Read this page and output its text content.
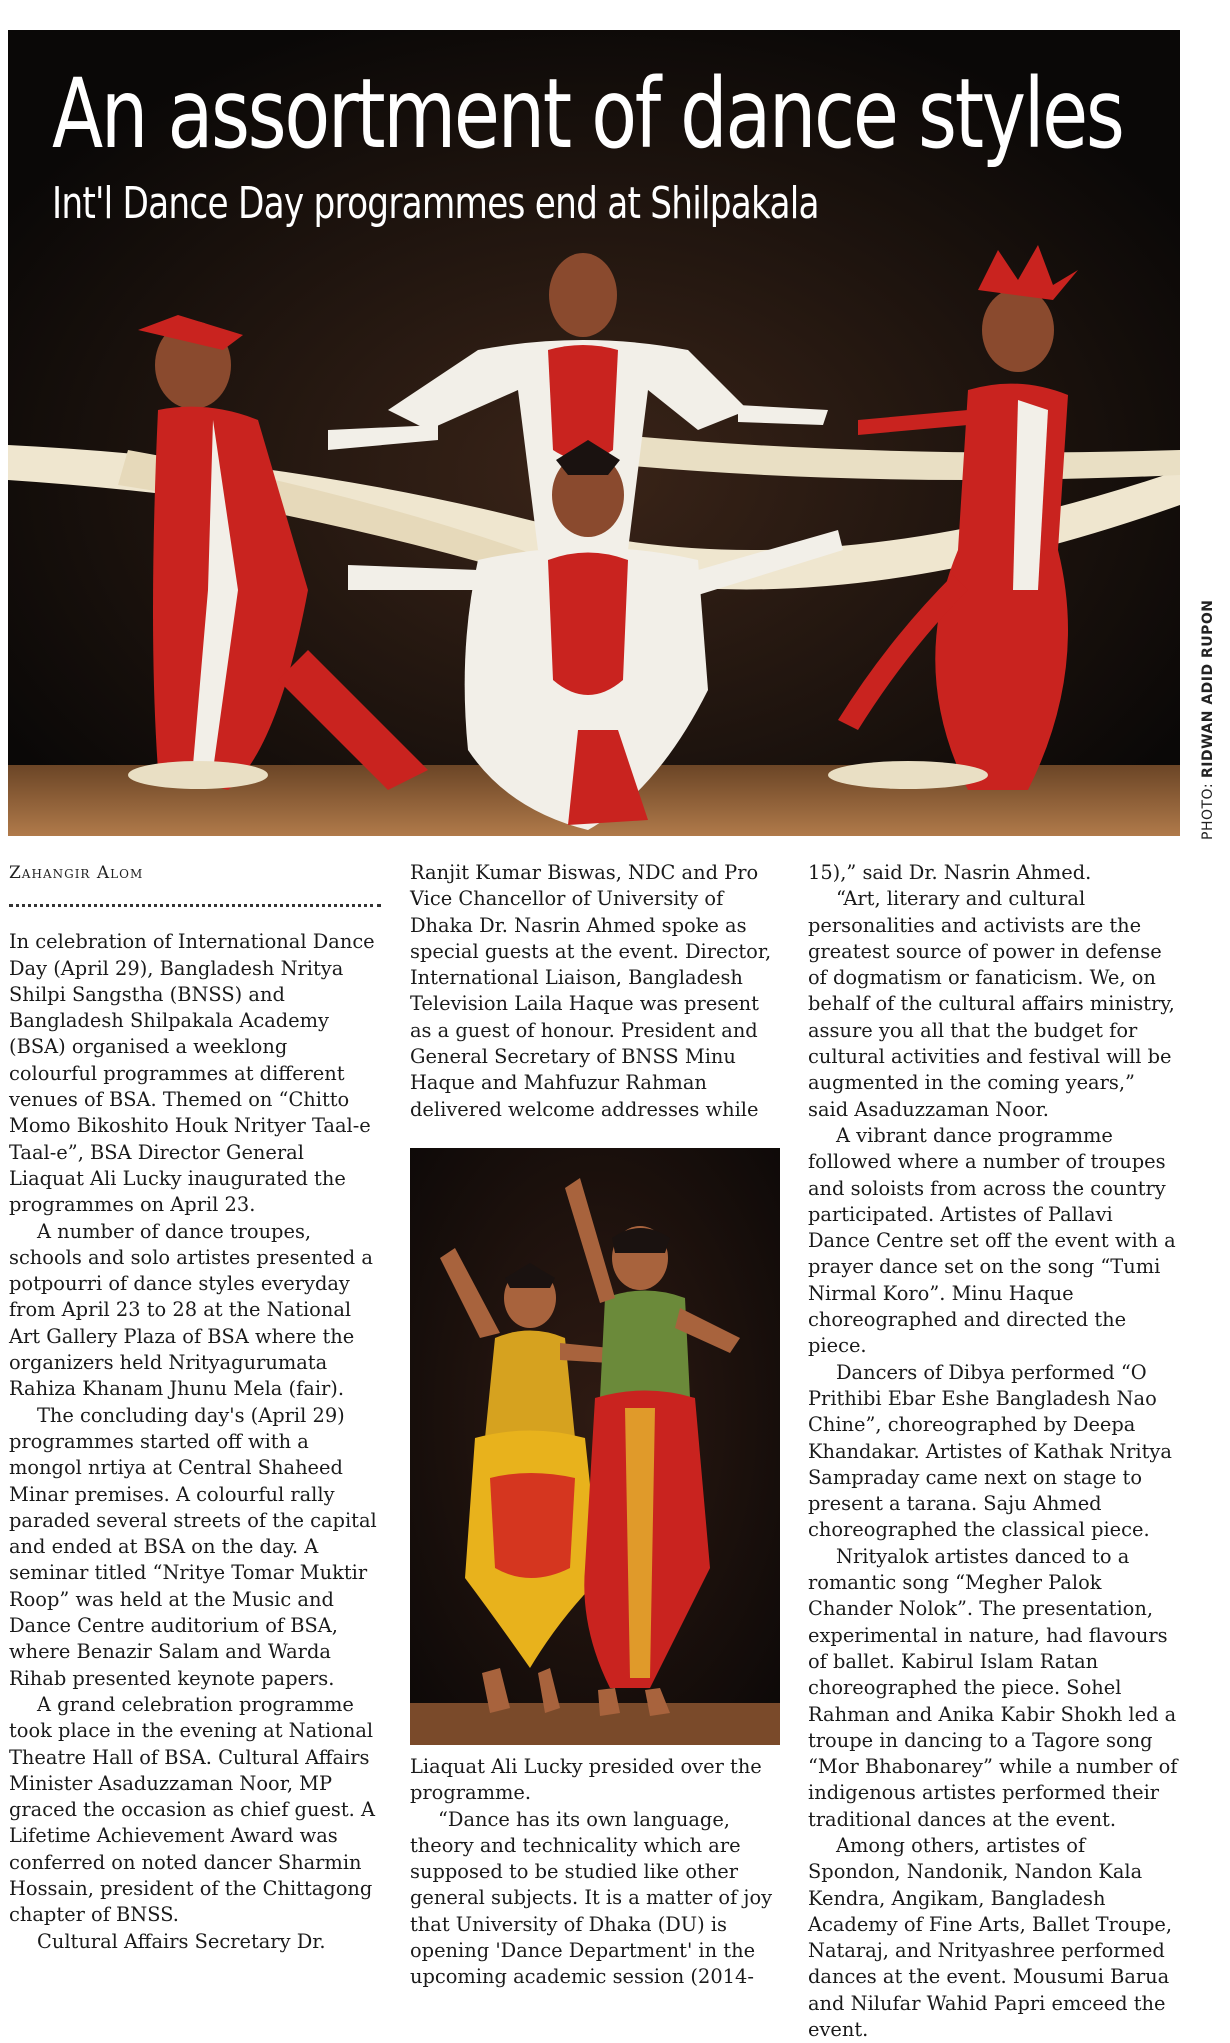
An assortment of dance styles
Int'l Dance Day programmes end at Shilpakala
PHOTO: RIDWAN ADID RUPON
Zahangir Alom

In celebration of International Dance Day (April 29), Bangladesh Nritya Shilpi Sangstha (BNSS) and Bangladesh Shilpakala Academy (BSA) organised a weeklong colourful programmes at different venues of BSA. Themed on “Chitto Momo Bikoshito Houk Nrityer Taal-e Taal-e”, BSA Director General Liaquat Ali Lucky inaugurated the programmes on April 23.

A number of dance troupes, schools and solo artistes presented a potpourri of dance styles everyday from April 23 to 28 at the National Art Gallery Plaza of BSA where the organizers held Nrityagurumata Rahiza Khanam Jhunu Mela (fair).

The concluding day's (April 29) programmes started off with a mongol nrtiya at Central Shaheed Minar premises. A colourful rally paraded several streets of the capital and ended at BSA on the day. A seminar titled “Nritye Tomar Muktir Roop” was held at the Music and Dance Centre auditorium of BSA, where Benazir Salam and Warda Rihab presented keynote papers.

A grand celebration programme took place in the evening at National Theatre Hall of BSA. Cultural Affairs Minister Asaduzzaman Noor, MP graced the occasion as chief guest. A Lifetime Achievement Award was conferred on noted dancer Sharmin Hossain, president of the Chittagong chapter of BNSS.

Cultural Affairs Secretary Dr.

Ranjit Kumar Biswas, NDC and Pro Vice Chancellor of University of Dhaka Dr. Nasrin Ahmed spoke as special guests at the event. Director, International Liaison, Bangladesh Television Laila Haque was present as a guest of honour. President and General Secretary of BNSS Minu Haque and Mahfuzur Rahman delivered welcome addresses while

Liaquat Ali Lucky presided over the programme.

“Dance has its own language, theory and technicality which are supposed to be studied like other general subjects. It is a matter of joy that University of Dhaka (DU) is opening 'Dance Department' in the upcoming academic session (2014-

15),” said Dr. Nasrin Ahmed.

“Art, literary and cultural personalities and activists are the greatest source of power in defense of dogmatism or fanaticism. We, on behalf of the cultural affairs ministry, assure you all that the budget for cultural activities and festival will be augmented in the coming years,” said Asaduzzaman Noor.

A vibrant dance programme followed where a number of troupes and soloists from across the country participated. Artistes of Pallavi Dance Centre set off the event with a prayer dance set on the song “Tumi Nirmal Koro”. Minu Haque choreographed and directed the piece.

Dancers of Dibya performed “O Prithibi Ebar Eshe Bangladesh Nao Chine”, choreographed by Deepa Khandakar. Artistes of Kathak Nritya Sampraday came next on stage to present a tarana. Saju Ahmed choreographed the classical piece.

Nrityalok artistes danced to a romantic song “Megher Palok Chander Nolok”. The presentation, experimental in nature, had flavours of ballet. Kabirul Islam Ratan choreographed the piece. Sohel Rahman and Anika Kabir Shokh led a troupe in dancing to a Tagore song “Mor Bhabonarey” while a number of indigenous artistes performed their traditional dances at the event.

Among others, artistes of Spondon, Nandonik, Nandon Kala Kendra, Angikam, Bangladesh Academy of Fine Arts, Ballet Troupe, Nataraj, and Nrityashree performed dances at the event. Mousumi Barua and Nilufar Wahid Papri emceed the event.
